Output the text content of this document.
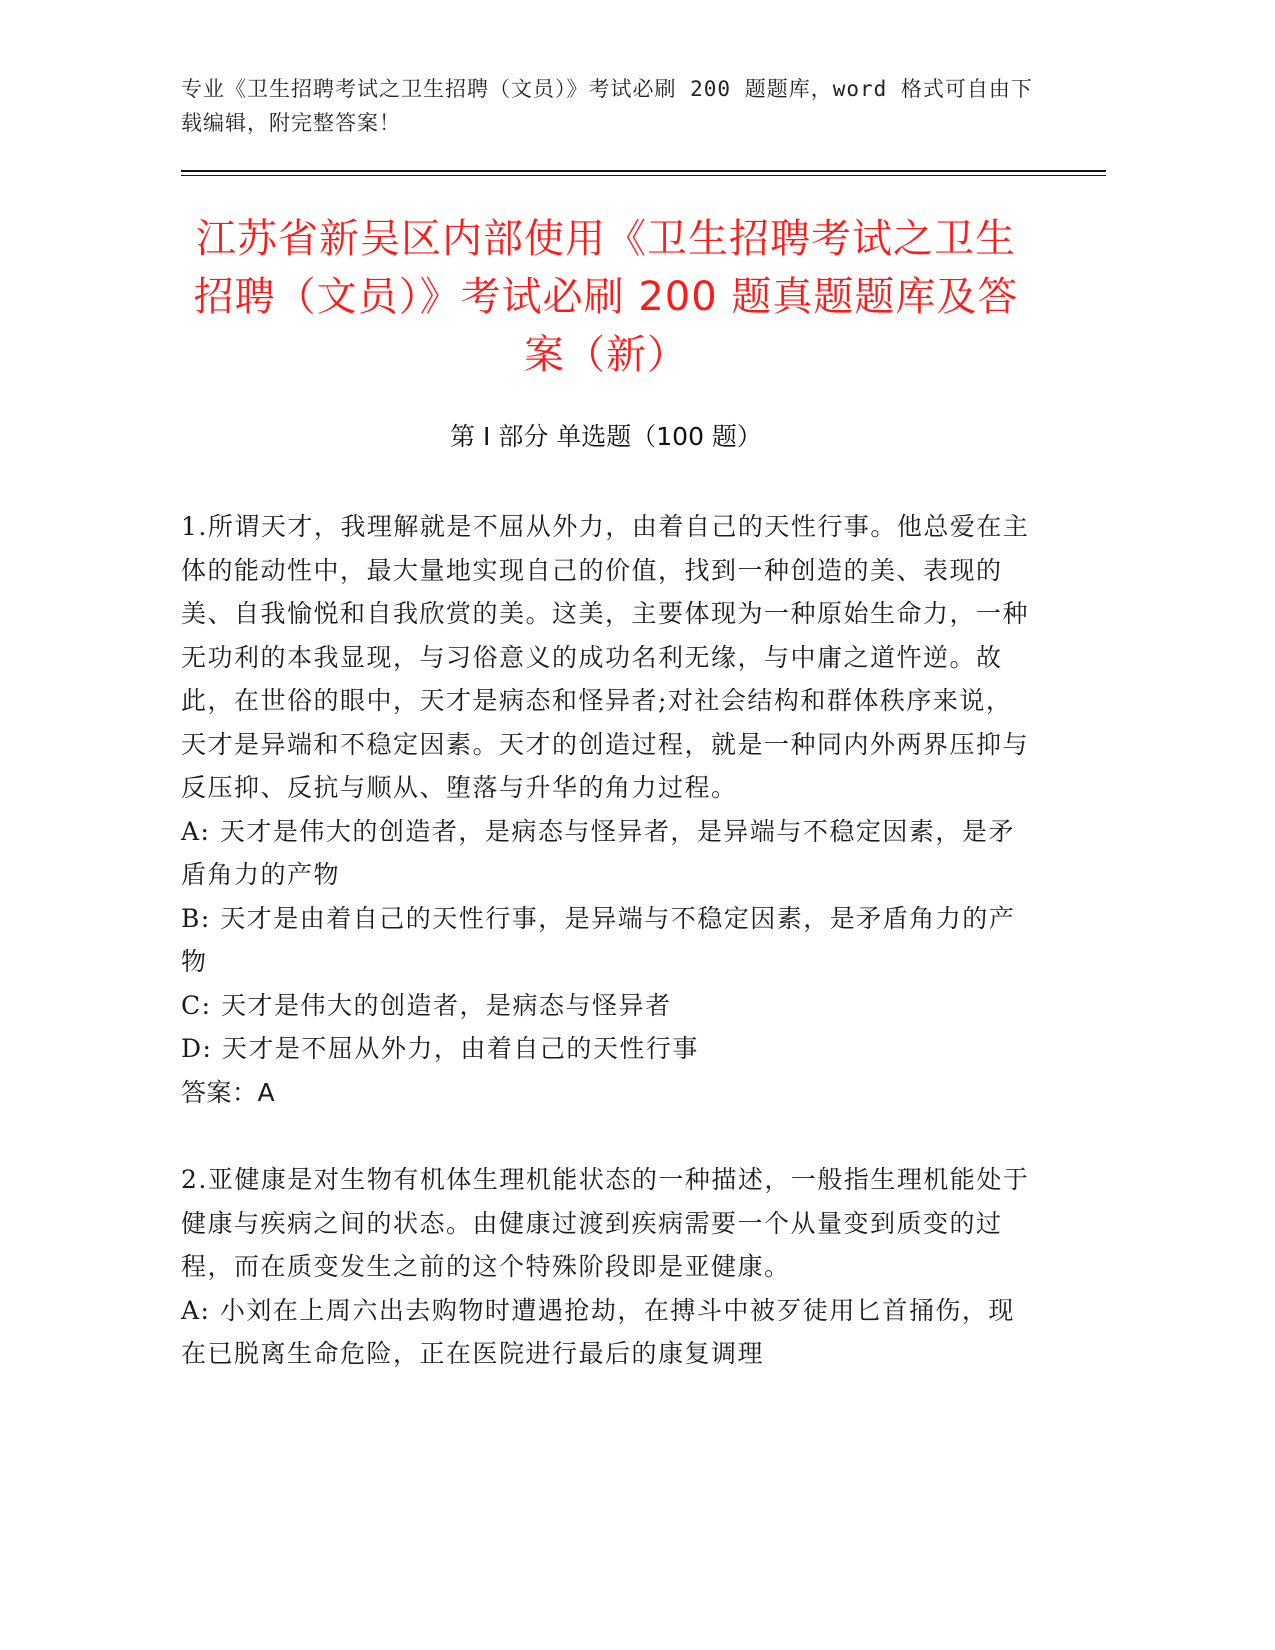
专业《卫生招聘考试之卫生招聘（文员）》考试必刷 200 题题库，word 格式可自由下载编辑，附完整答案！
江苏省新吴区内部使用《卫生招聘考试之卫生招聘（文员）》考试必刷 200 题真题题库及答案（新）
第 I 部分 单选题（100 题）

1.所谓天才，我理解就是不屈从外力，由着自己的天性行事。他总爱在主体的能动性中，最大量地实现自己的价值，找到一种创造的美、表现的美、自我愉悦和自我欣赏的美。这美，主要体现为一种原始生命力，一种无功利的本我显现，与习俗意义的成功名利无缘，与中庸之道忤逆。故此，在世俗的眼中，天才是病态和怪异者;对社会结构和群体秩序来说，天才是异端和不稳定因素。天才的创造过程，就是一种同内外两界压抑与反压抑、反抗与顺从、堕落与升华的角力过程。

A: 天才是伟大的创造者，是病态与怪异者，是异端与不稳定因素，是矛盾角力的产物

B: 天才是由着自己的天性行事，是异端与不稳定因素，是矛盾角力的产物

C: 天才是伟大的创造者，是病态与怪异者

D: 天才是不屈从外力，由着自己的天性行事

答案：A

2.亚健康是对生物有机体生理机能状态的一种描述，一般指生理机能处于健康与疾病之间的状态。由健康过渡到疾病需要一个从量变到质变的过程，而在质变发生之前的这个特殊阶段即是亚健康。

A: 小刘在上周六出去购物时遭遇抢劫，在搏斗中被歹徒用匕首捅伤，现在已脱离生命危险，正在医院进行最后的康复调理
